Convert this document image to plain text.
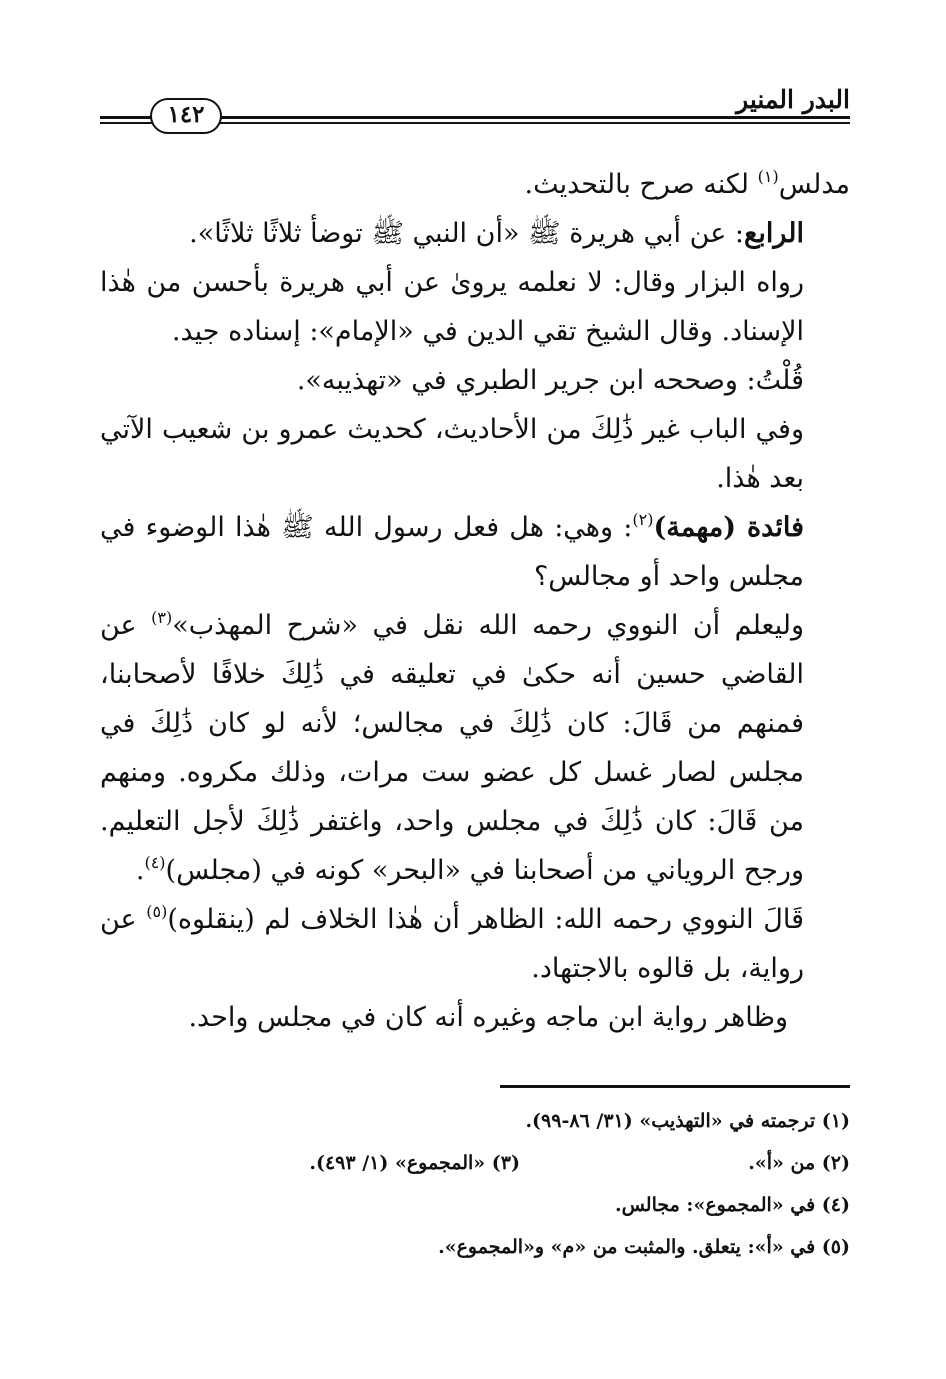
البدر المنير
١٤٢

مدلس$^{(١)}$ لكنه صرح بالتحديث.

الرابع: عن أبي هريرة ﷺ «أن النبي ﷺ توضأ ثلاثًا ثلاثًا».

رواه البزار وقال: لا نعلمه يروىٰ عن أبي هريرة بأحسن من هٰذا الإسناد. وقال الشيخ تقي الدين في «الإمام»: إسناده جيد.

قُلْتُ: وصححه ابن جرير الطبري في «تهذيبه».

وفي الباب غير ذَٰلِكَ من الأحاديث، كحديث عمرو بن شعيب الآتي بعد هٰذا.

فائدة (مهمة)$^{(٢)}$: وهي: هل فعل رسول الله ﷺ هٰذا الوضوء في مجلس واحد أو مجالس؟

وليعلم أن النووي رحمه الله نقل في «شرح المهذب»$^{(٣)}$ عن القاضي حسين أنه حكىٰ في تعليقه في ذَٰلِكَ خلافًا لأصحابنا، فمنهم من قَالَ: كان ذَٰلِكَ في مجالس؛ لأنه لو كان ذَٰلِكَ في مجلس لصار غسل كل عضو ست مرات، وذلك مكروه. ومنهم من قَالَ: كان ذَٰلِكَ في مجلس واحد، واغتفر ذَٰلِكَ لأجل التعليم. ورجح الروياني من أصحابنا في «البحر» كونه في (مجلس)$^{(٤)}$.

قَالَ النووي رحمه الله: الظاهر أن هٰذا الخلاف لم (ينقلوه)$^{(٥)}$ عن رواية، بل قالوه بالاجتهاد.

وظاهر رواية ابن ماجه وغيره أنه كان في مجلس واحد.

(١) ترجمته في «التهذيب» (٣١/ ٨٦-٩٩).

(٢) من «أ».
(٣) «المجموع» (١/ ٤٩٣).

(٤) في «المجموع»: مجالس.

(٥) في «أ»: يتعلق. والمثبت من «م» و«المجموع».
